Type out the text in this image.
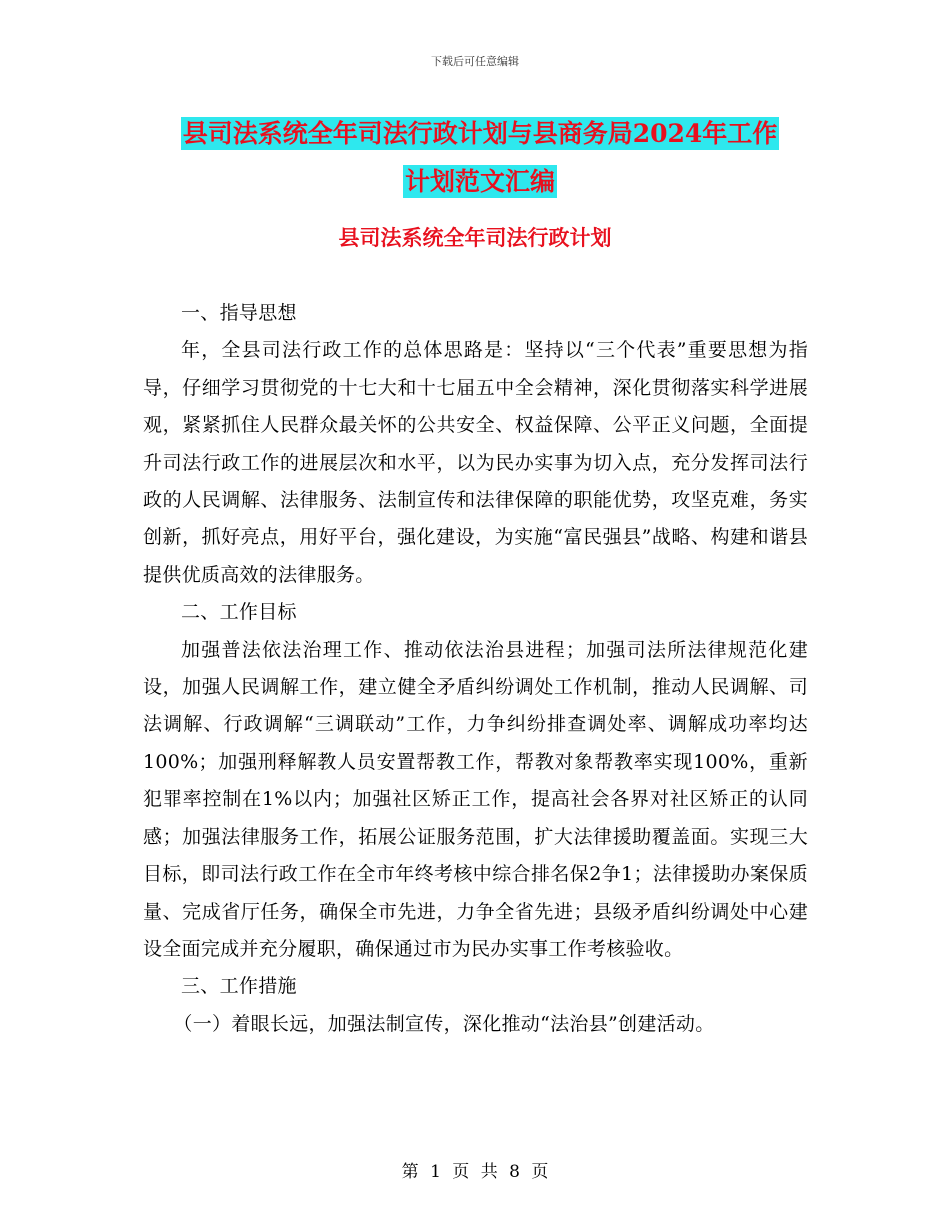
下载后可任意编辑
县司法系统全年司法行政计划与县商务局2024年工作
计划范文汇编
县司法系统全年司法行政计划

一、指导思想

年，全县司法行政工作的总体思路是：坚持以“三个代表”重要思想为指导，仔细学习贯彻党的十七大和十七届五中全会精神，深化贯彻落实科学进展观，紧紧抓住人民群众最关怀的公共安全、权益保障、公平正义问题，全面提升司法行政工作的进展层次和水平，以为民办实事为切入点，充分发挥司法行政的人民调解、法律服务、法制宣传和法律保障的职能优势，攻坚克难，务实创新，抓好亮点，用好平台，强化建设，为实施“富民强县”战略、构建和谐县提供优质高效的法律服务。

二、工作目标

加强普法依法治理工作、推动依法治县进程；加强司法所法律规范化建设，加强人民调解工作，建立健全矛盾纠纷调处工作机制，推动人民调解、司法调解、行政调解“三调联动”工作，力争纠纷排查调处率、调解成功率均达100%；加强刑释解教人员安置帮教工作，帮教对象帮教率实现100%，重新犯罪率控制在1%以内；加强社区矫正工作，提高社会各界对社区矫正的认同感；加强法律服务工作，拓展公证服务范围，扩大法律援助覆盖面。实现三大目标，即司法行政工作在全市年终考核中综合排名保2争1；法律援助办案保质量、完成省厅任务，确保全市先进，力争全省先进；县级矛盾纠纷调处中心建设全面完成并充分履职，确保通过市为民办实事工作考核验收。

三、工作措施

（一）着眼长远，加强法制宣传，深化推动“法治县”创建活动。

第 1 页 共 8 页
